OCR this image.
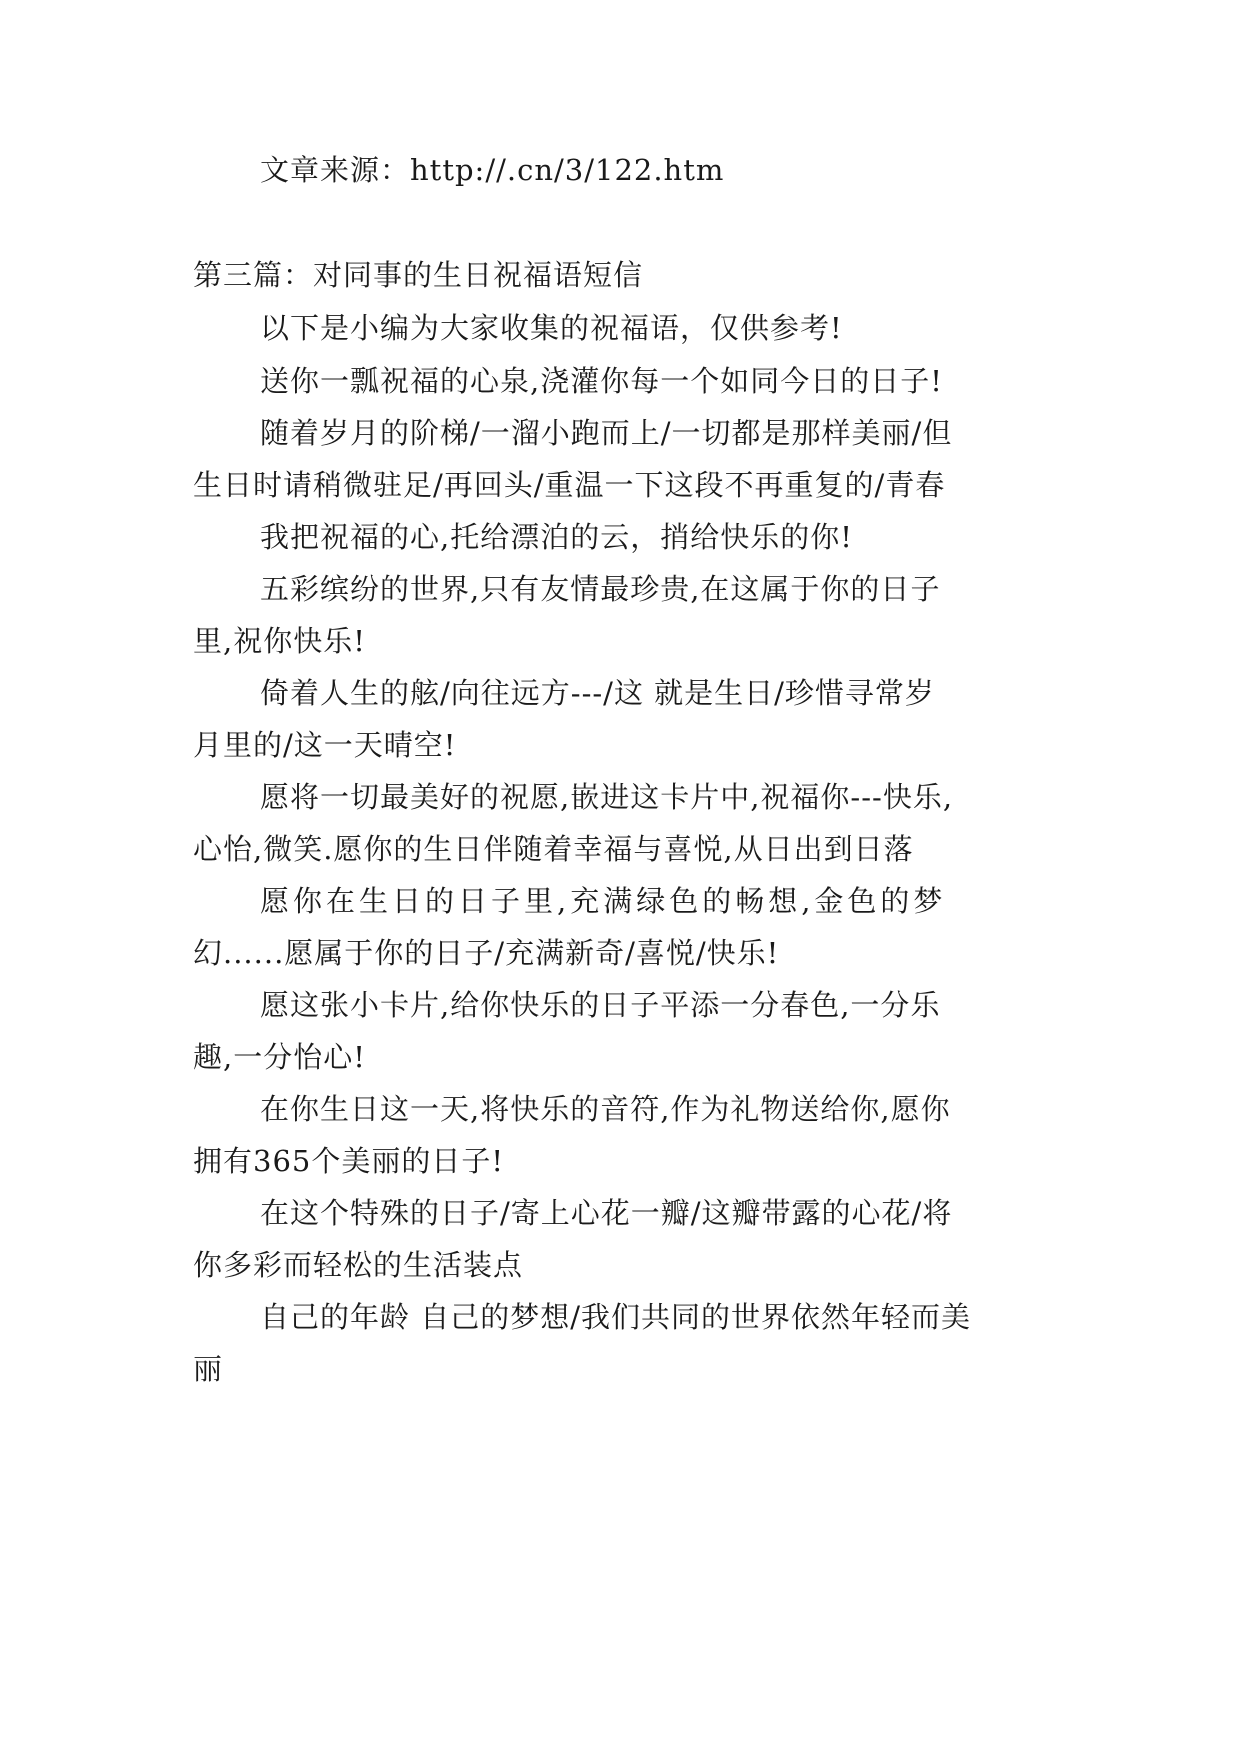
文章来源：http://.cn/3/122.htm
第三篇：对同事的生日祝福语短信
以下是小编为大家收集的祝福语，仅供参考!
送你一瓢祝福的心泉,浇灌你每一个如同今日的日子!
随着岁月的阶梯/一溜小跑而上/一切都是那样美丽/但
生日时请稍微驻足/再回头/重温一下这段不再重复的/青春
我把祝福的心,托给漂泊的云，捎给快乐的你!
五彩缤纷的世界,只有友情最珍贵,在这属于你的日子
里,祝你快乐!
倚着人生的舷/向往远方---/这 就是生日/珍惜寻常岁
月里的/这一天晴空!
愿将一切最美好的祝愿,嵌进这卡片中,祝福你---快乐,
心怡,微笑.愿你的生日伴随着幸福与喜悦,从日出到日落
愿你在生日的日子里,充满绿色的畅想,金色的梦
幻......愿属于你的日子/充满新奇/喜悦/快乐!
愿这张小卡片,给你快乐的日子平添一分春色,一分乐
趣,一分怡心!
在你生日这一天,将快乐的音符,作为礼物送给你,愿你
拥有365个美丽的日子!
在这个特殊的日子/寄上心花一瓣/这瓣带露的心花/将
你多彩而轻松的生活装点
自己的年龄 自己的梦想/我们共同的世界依然年轻而美
丽
